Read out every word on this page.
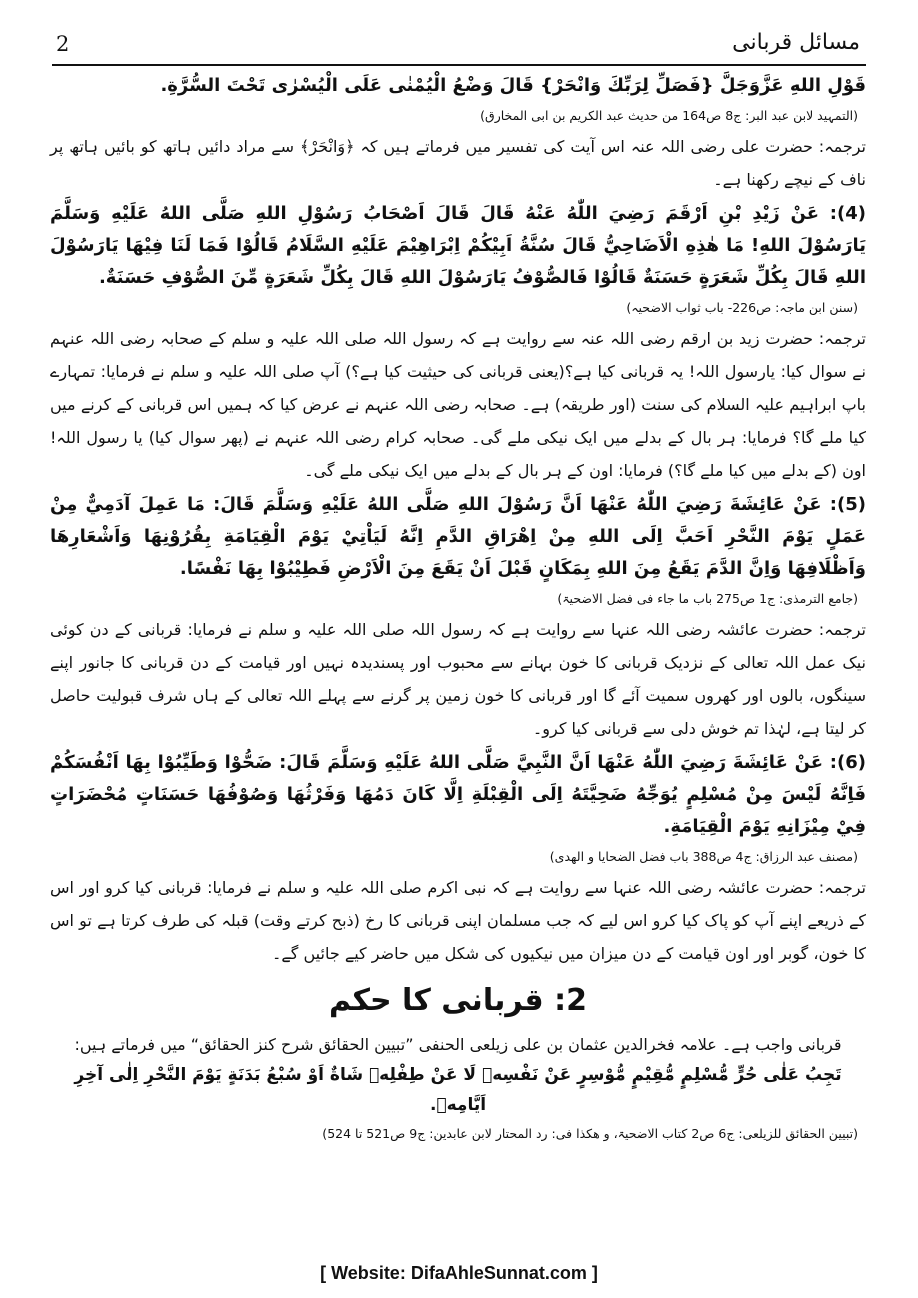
2	مسائل قربانی

قَوْلِ اللهِ عَزَّوَجَلَّ {فَصَلِّ لِرَبِّكَ وَانْحَرْ} قَالَ وَضْعُ الْيُمْنٰى عَلَى الْيُسْرٰى تَحْتَ السُّرَّةِ.

(التمہید لابن عبد البر: ج8 ص164 من حدیث عبد الکریم بن ابی المخارق)

ترجمہ: حضرت علی رضی اللہ عنہ اس آیت کی تفسیر میں فرماتے ہیں کہ ﴿وَانْحَرْ﴾ سے مراد دائیں ہاتھ کو بائیں ہاتھ پر ناف کے نیچے رکھنا ہے۔

(4): عَنْ زَيْدِ بْنِ اَرْقَمَ رَضِيَ اللّٰهُ عَنْهُ قَالَ قَالَ اَصْحَابُ رَسُوْلِ اللهِ صَلَّى اللهُ عَلَيْهِ وَسَلَّمَ يَارَسُوْلَ اللهِ! مَا هٰذِهِ الْاَضَاحِيُّ قَالَ سُنَّةُ اَبِيْكُمْ اِبْرَاهِيْمَ عَلَيْهِ السَّلَامُ قَالُوْا فَمَا لَنَا فِيْهَا يَارَسُوْلَ اللهِ قَالَ بِكُلِّ شَعَرَةٍ حَسَنَةٌ قَالُوْا فَالصُّوْفُ يَارَسُوْلَ اللهِ قَالَ بِكُلِّ شَعَرَةٍ مِّنَ الصُّوْفِ حَسَنَةٌ.

(سنن ابن ماجہ: ص226- باب ثواب الاضحیہ)

ترجمہ: حضرت زید بن ارقم رضی اللہ عنہ سے روایت ہے کہ رسول اللہ صلی اللہ علیہ و سلم کے صحابہ رضی اللہ عنہم نے سوال کیا: یارسول اللہ! یہ قربانی کیا ہے؟(یعنی قربانی کی حیثیت کیا ہے؟) آپ صلی اللہ علیہ و سلم نے فرمایا: تمہارے باپ ابراہیم علیہ السلام کی سنت (اور طریقہ) ہے۔ صحابہ رضی اللہ عنہم نے عرض کیا کہ ہمیں اس قربانی کے کرنے میں کیا ملے گا؟ فرمایا: ہر بال کے بدلے میں ایک نیکی ملے گی۔ صحابہ کرام رضی اللہ عنہم نے (پھر سوال کیا) یا رسول اللہ! اون (کے بدلے میں کیا ملے گا؟) فرمایا: اون کے ہر بال کے بدلے میں ایک نیکی ملے گی۔

(5): عَنْ عَائِشَةَ رَضِيَ اللّٰهُ عَنْهَا اَنَّ رَسُوْلَ اللهِ صَلَّى اللهُ عَلَيْهِ وَسَلَّمَ قَالَ: مَا عَمِلَ آدَمِيٌّ مِنْ عَمَلٍ يَوْمَ النَّحْرِ اَحَبَّ اِلَى اللهِ مِنْ اِهْرَاقِ الدَّمِ اِنَّهُ لَيَاْتِيْ يَوْمَ الْقِيَامَةِ بِقُرُوْنِهَا وَاَشْعَارِهَا وَاَظْلَافِهَا وَاِنَّ الدَّمَ يَقَعُ مِنَ اللهِ بِمَكَانٍ قَبْلَ اَنْ يَقَعَ مِنَ الْاَرْضِ فَطِيْبُوْا بِهَا نَفْسًا.

(جامع الترمذی: ج1 ص275 باب ما جاء فی فضل الاضحیۃ)

ترجمہ: حضرت عائشہ رضی اللہ عنہا سے روایت ہے کہ رسول اللہ صلی اللہ علیہ و سلم نے فرمایا: قربانی کے دن کوئی نیک عمل اللہ تعالی کے نزدیک قربانی کا خون بہانے سے محبوب اور پسندیدہ نہیں اور قیامت کے دن قربانی کا جانور اپنے سینگوں، بالوں اور کھروں سمیت آئے گا اور قربانی کا خون زمین پر گرنے سے پہلے اللہ تعالی کے ہاں شرف قبولیت حاصل کر لیتا ہے، لہٰذا تم خوش دلی سے قربانی کیا کرو۔

(6): عَنْ عَائِشَةَ رَضِيَ اللّٰهُ عَنْهَا اَنَّ النَّبِيَّ صَلَّى اللهُ عَلَيْهِ وَسَلَّمَ قَالَ: ضَحُّوْا وَطَيِّبُوْا بِهَا اَنْفُسَكُمْ فَاِنَّهُ لَيْسَ مِنْ مُسْلِمٍ يُوَجِّهُ ضَحِيَّتَهُ اِلَى الْقِبْلَةِ اِلَّا كَانَ دَمُهَا وَفَرْثُهَا وَصُوْفُهَا حَسَنَاتٍ مُحْضَرَاتٍ فِيْ مِيْزَانِهِ يَوْمَ الْقِيَامَةِ.

(مصنف عبد الرزاق: ج4 ص388 باب فضل الضحایا و الھدی)

ترجمہ: حضرت عائشہ رضی اللہ عنہا سے روایت ہے کہ نبی اکرم صلی اللہ علیہ و سلم نے فرمایا: قربانی کیا کرو اور اس کے ذریعے اپنے آپ کو پاک کیا کرو اس لیے کہ جب مسلمان اپنی قربانی کا رخ (ذبح کرتے وقت) قبلہ کی طرف کرتا ہے تو اس کا خون، گوبر اور اون قیامت کے دن میزان میں نیکیوں کی شکل میں حاضر کیے جائیں گے۔

2: قربانی کا حکم

قربانی واجب ہے۔ علامہ فخرالدین عثمان بن علی زیلعی الحنفی ”تبیین الحقائق شرح کنز الحقائق“ میں فرماتے ہیں:

تَجِبُ عَلٰى حُرٍّ مُّسْلِمٍ مُّقِيْمٍ مُّوْسِرٍ عَنْ نَفْسِهٖ لَا عَنْ طِفْلِهٖ شَاةٌ اَوْ سُبْعُ بَدَنَةٍ يَوْمَ النَّحْرِ اِلٰى آخِرِ اَيَّامِهٖ.

(تبیین الحقائق للزیلعی: ج6 ص2 کتاب الاضحیۃ، و ھکذا فی: رد المحتار لابن عابدین: ج9 ص521 تا 524)

[ Website: DifaAhleSunnat.com ]
